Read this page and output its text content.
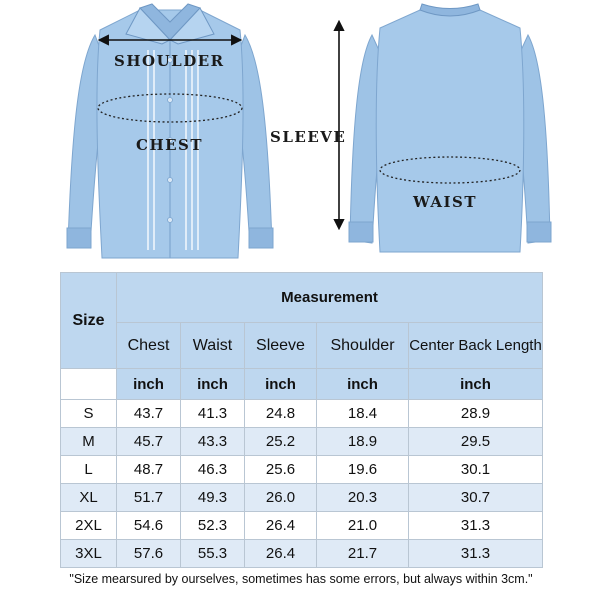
SHOULDER
CHEST	SLEEVE
WAIST
Size	Measurement				
	Chest	Waist	Sleeve	Shoulder	Center Back Length
	inch	inch	inch	inch	inch
S	43.7	41.3	24.8	18.4	28.9
M	45.7	43.3	25.2	18.9	29.5
L	48.7	46.3	25.6	19.6	30.1
XL	51.7	49.3	26.0	20.3	30.7
2XL	54.6	52.3	26.4	21.0	31.3
3XL	57.6	55.3	26.4	21.7	31.3
"Size mearsured by ourselves, sometimes has some errors, but always within 3cm."
